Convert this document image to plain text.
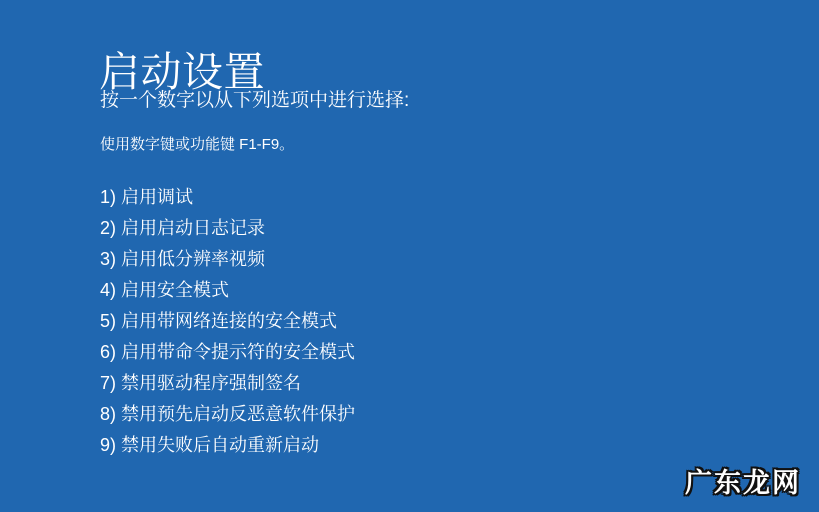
启动设置

按一个数字以从下列选项中进行选择:

使用数字键或功能键 F1-F9。

1) 启用调试
2) 启用启动日志记录
3) 启用低分辨率视频
4) 启用安全模式
5) 启用带网络连接的安全模式
6) 启用带命令提示符的安全模式
7) 禁用驱动程序强制签名
8) 禁用预先启动反恶意软件保护
9) 禁用失败后自动重新启动
广东龙网
